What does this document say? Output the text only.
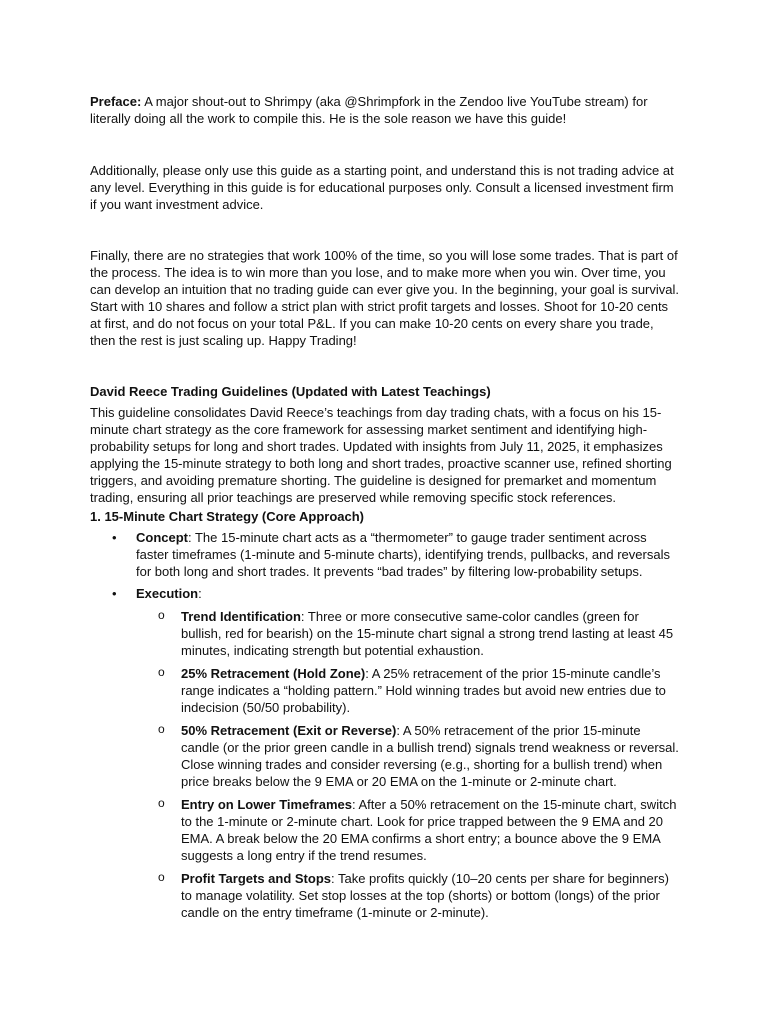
Preface: A major shout-out to Shrimpy (aka @Shrimpfork in the Zendoo live YouTube stream) for literally doing all the work to compile this. He is the sole reason we have this guide!

Additionally, please only use this guide as a starting point, and understand this is not trading advice at any level. Everything in this guide is for educational purposes only. Consult a licensed investment firm if you want investment advice.

Finally, there are no strategies that work 100% of the time, so you will lose some trades. That is part of the process. The idea is to win more than you lose, and to make more when you win. Over time, you can develop an intuition that no trading guide can ever give you. In the beginning, your goal is survival. Start with 10 shares and follow a strict plan with strict profit targets and losses. Shoot for 10-20 cents at first, and do not focus on your total P&L. If you can make 10-20 cents on every share you trade, then the rest is just scaling up. Happy Trading!

David Reece Trading Guidelines (Updated with Latest Teachings)

This guideline consolidates David Reece’s teachings from day trading chats, with a focus on his 15-minute chart strategy as the core framework for assessing market sentiment and identifying high-probability setups for long and short trades. Updated with insights from July 11, 2025, it emphasizes applying the 15-minute strategy to both long and short trades, proactive scanner use, refined shorting triggers, and avoiding premature shorting. The guideline is designed for premarket and momentum trading, ensuring all prior teachings are preserved while removing specific stock references.

1. 15-Minute Chart Strategy (Core Approach)

• Concept: The 15-minute chart acts as a “thermometer” to gauge trader sentiment across faster timeframes (1-minute and 5-minute charts), identifying trends, pullbacks, and reversals for both long and short trades. It prevents “bad trades” by filtering low-probability setups.
• Execution:
o Trend Identification: Three or more consecutive same-color candles (green for bullish, red for bearish) on the 15-minute chart signal a strong trend lasting at least 45 minutes, indicating strength but potential exhaustion.
o 25% Retracement (Hold Zone): A 25% retracement of the prior 15-minute candle’s range indicates a “holding pattern.” Hold winning trades but avoid new entries due to indecision (50/50 probability).
o 50% Retracement (Exit or Reverse): A 50% retracement of the prior 15-minute candle (or the prior green candle in a bullish trend) signals trend weakness or reversal. Close winning trades and consider reversing (e.g., shorting for a bullish trend) when price breaks below the 9 EMA or 20 EMA on the 1-minute or 2-minute chart.
o Entry on Lower Timeframes: After a 50% retracement on the 15-minute chart, switch to the 1-minute or 2-minute chart. Look for price trapped between the 9 EMA and 20 EMA. A break below the 20 EMA confirms a short entry; a bounce above the 9 EMA suggests a long entry if the trend resumes.
o Profit Targets and Stops: Take profits quickly (10–20 cents per share for beginners) to manage volatility. Set stop losses at the top (shorts) or bottom (longs) of the prior candle on the entry timeframe (1-minute or 2-minute).
